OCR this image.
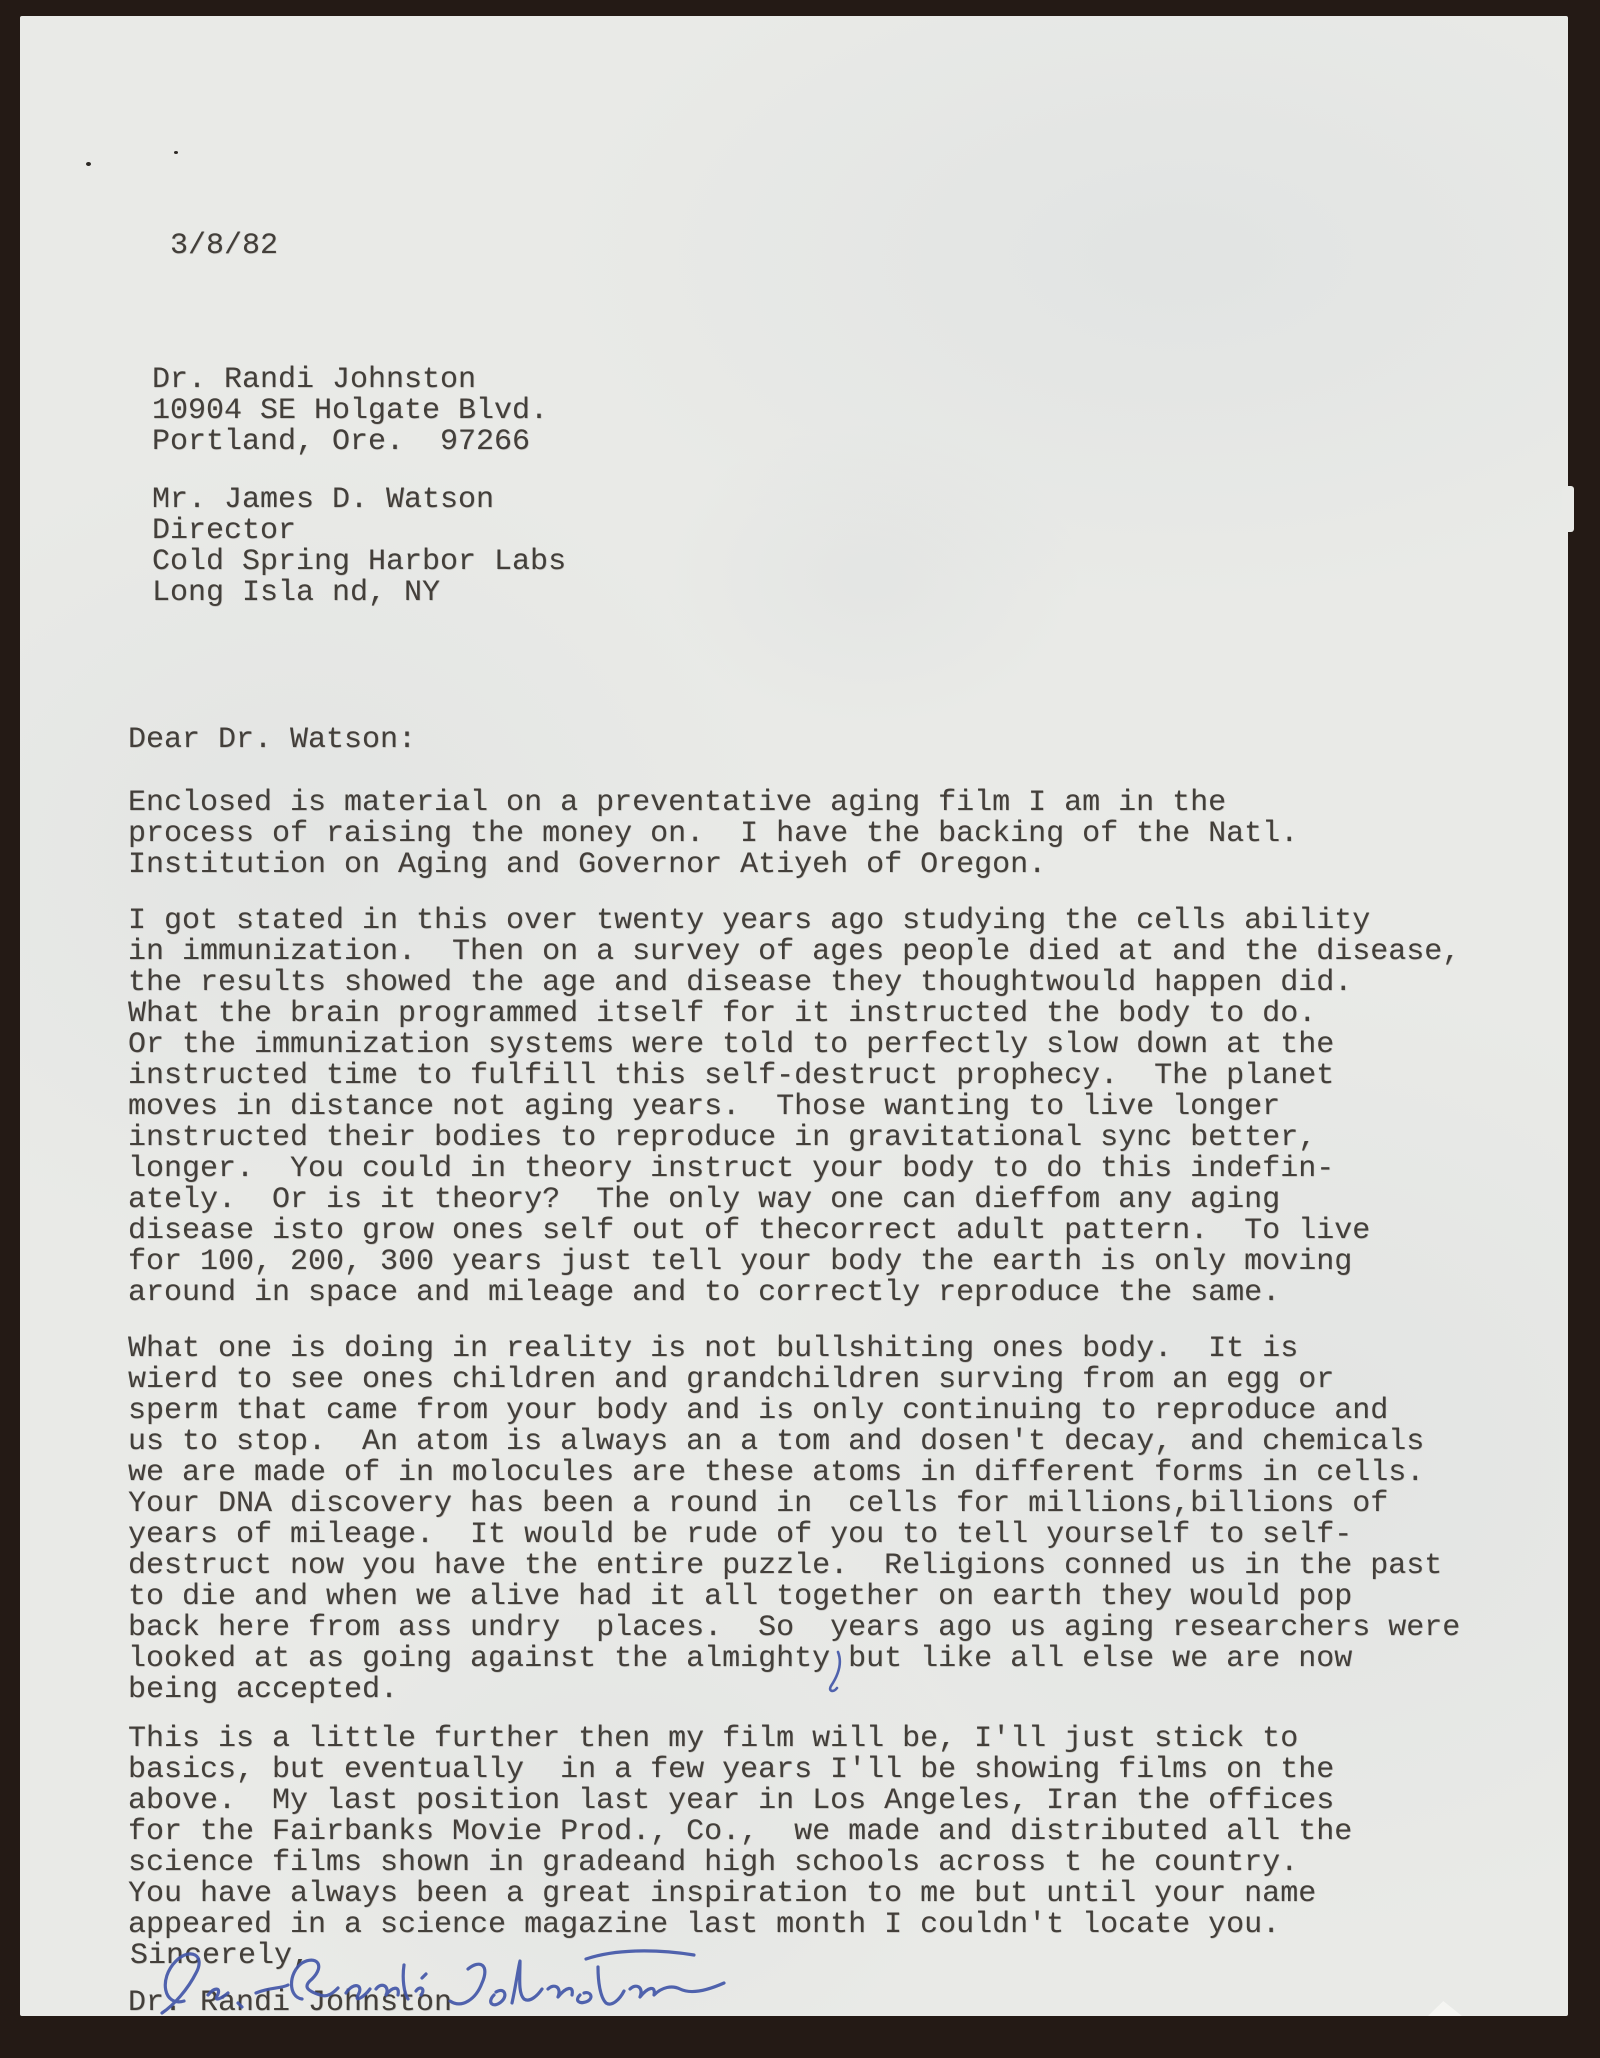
3/8/82
Dr. Randi Johnston
10904 SE Holgate Blvd.
Portland, Ore.  97266
Mr. James D. Watson
Director
Cold Spring Harbor Labs
Long Isla nd, NY
Dear Dr. Watson:
Enclosed is material on a preventative aging film I am in the
process of raising the money on.  I have the backing of the Natl.
Institution on Aging and Governor Atiyeh of Oregon.
I got stated in this over twenty years ago studying the cells ability
in immunization.  Then on a survey of ages people died at and the disease,
the results showed the age and disease they thoughtwould happen did.
What the brain programmed itself for it instructed the body to do.
Or the immunization systems were told to perfectly slow down at the
instructed time to fulfill this self-destruct prophecy.  The planet
moves in distance not aging years.  Those wanting to live longer
instructed their bodies to reproduce in gravitational sync better,
longer.  You could in theory instruct your body to do this indefin-
ately.  Or is it theory?  The only way one can dieffom any aging
disease isto grow ones self out of thecorrect adult pattern.  To live
for 100, 200, 300 years just tell your body the earth is only moving
around in space and mileage and to correctly reproduce the same.
What one is doing in reality is not bullshiting ones body.  It is
wierd to see ones children and grandchildren surving from an egg or
sperm that came from your body and is only continuing to reproduce and
us to stop.  An atom is always an a tom and dosen't decay, and chemicals
we are made of in molocules are these atoms in different forms in cells.
Your DNA discovery has been a round in  cells for millions,billions of
years of mileage.  It would be rude of you to tell yourself to self-
destruct now you have the entire puzzle.  Religions conned us in the past
to die and when we alive had it all together on earth they would pop
back here from ass undry  places.  So  years ago us aging researchers were
looked at as going against the almighty but like all else we are now
being accepted.
This is a little further then my film will be, I'll just stick to
basics, but eventually  in a few years I'll be showing films on the
above.  My last position last year in Los Angeles, Iran the offices
for the Fairbanks Movie Prod., Co.,  we made and distributed all the
science films shown in gradeand high schools across t he country.
You have always been a great inspiration to me but until your name
appeared in a science magazine last month I couldn't locate you.
Sincerely,
Dr. Randi Johnston
